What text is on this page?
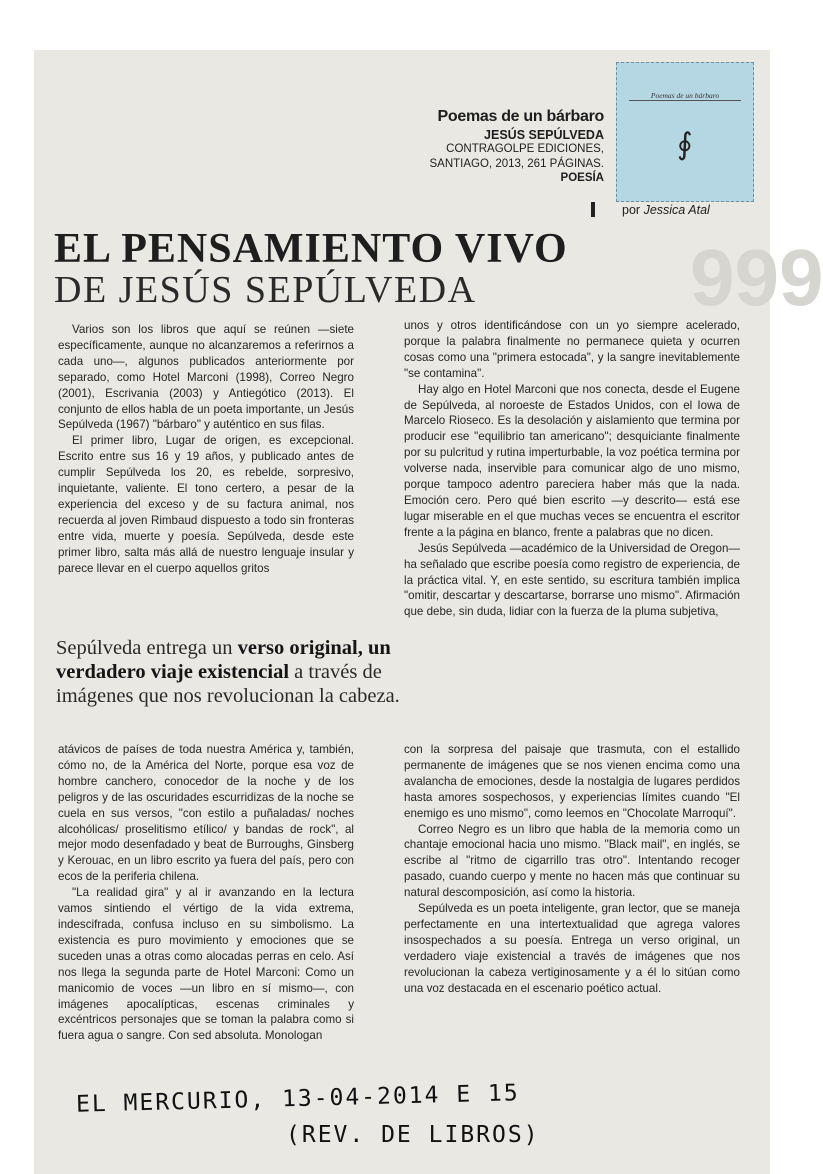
Poemas de un bárbaro
∮
Poemas de un bárbaro
JESÚS SEPÚLVEDA
CONTRAGOLPE EDICIONES,
SANTIAGO, 2013, 261 PÁGINAS.
POESÍA
por Jessica Atal
999
EL PENSAMIENTO VIVO
DE JESÚS SEPÚLVEDA

Varios son los libros que aquí se reúnen —siete específicamente, aunque no alcanzaremos a referirnos a cada uno—, algunos publicados anteriormente por separado, como Hotel Marconi (1998), Correo Negro (2001), Escrivania (2003) y Antiegótico (2013). El conjunto de ellos habla de un poeta importante, un Jesús Sepúlveda (1967) "bárbaro" y auténtico en sus filas.

El primer libro, Lugar de origen, es excepcional. Escrito entre sus 16 y 19 años, y publicado antes de cumplir Sepúlveda los 20, es rebelde, sorpresivo, inquietante, valiente. El tono certero, a pesar de la experiencia del exceso y de su factura animal, nos recuerda al joven Rimbaud dispuesto a todo sin fronteras entre vida, muerte y poesía. Sepúlveda, desde este primer libro, salta más allá de nuestro lenguaje insular y parece llevar en el cuerpo aquellos gritos

unos y otros identificándose con un yo siempre acelerado, porque la palabra finalmente no permanece quieta y ocurren cosas como una "primera estocada", y la sangre inevitablemente "se contamina".

Hay algo en Hotel Marconi que nos conecta, desde el Eugene de Sepúlveda, al noroeste de Estados Unidos, con el Iowa de Marcelo Rioseco. Es la desolación y aislamiento que termina por producir ese "equilibrio tan americano"; desquiciante finalmente por su pulcritud y rutina imperturbable, la voz poética termina por volverse nada, inservible para comunicar algo de uno mismo, porque tampoco adentro pareciera haber más que la nada. Emoción cero. Pero qué bien escrito —y descrito— está ese lugar miserable en el que muchas veces se encuentra el escritor frente a la página en blanco, frente a palabras que no dicen.

Jesús Sepúlveda —académico de la Universidad de Oregon— ha señalado que escribe poesía como registro de experiencia, de la práctica vital. Y, en este sentido, su escritura también implica "omitir, descartar y descartarse, borrarse uno mismo". Afirmación que debe, sin duda, lidiar con la fuerza de la pluma subjetiva,

Sepúlveda entrega un verso original, un verdadero viaje existencial a través de imágenes que nos revolucionan la cabeza.

atávicos de países de toda nuestra América y, también, cómo no, de la América del Norte, porque esa voz de hombre canchero, conocedor de la noche y de los peligros y de las oscuridades escurridizas de la noche se cuela en sus versos, "con estilo a puñaladas/ noches alcohólicas/ proselitismo etílico/ y bandas de rock", al mejor modo desenfadado y beat de Burroughs, Ginsberg y Kerouac, en un libro escrito ya fuera del país, pero con ecos de la periferia chilena.

"La realidad gira" y al ir avanzando en la lectura vamos sintiendo el vértigo de la vida extrema, indescifrada, confusa incluso en su simbolismo. La existencia es puro movimiento y emociones que se suceden unas a otras como alocadas perras en celo. Así nos llega la segunda parte de Hotel Marconi: Como un manicomio de voces —un libro en sí mismo—, con imágenes apocalípticas, escenas criminales y excéntricos personajes que se toman la palabra como si fuera agua o sangre. Con sed absoluta. Monologan

con la sorpresa del paisaje que trasmuta, con el estallido permanente de imágenes que se nos vienen encima como una avalancha de emociones, desde la nostalgia de lugares perdidos hasta amores sospechosos, y experiencias límites cuando "El enemigo es uno mismo", como leemos en "Chocolate Marroquí".

Correo Negro es un libro que habla de la memoria como un chantaje emocional hacia uno mismo. "Black mail", en inglés, se escribe al "ritmo de cigarrillo tras otro". Intentando recoger pasado, cuando cuerpo y mente no hacen más que continuar su natural descomposición, así como la historia.

Sepúlveda es un poeta inteligente, gran lector, que se maneja perfectamente en una intertextualidad que agrega valores insospechados a su poesía. Entrega un verso original, un verdadero viaje existencial a través de imágenes que nos revolucionan la cabeza vertiginosamente y a él lo sitúan como una voz destacada en el escenario poético actual.

EL MERCURIO, 13-04-2014 E 15
(REV. DE LIBROS)
